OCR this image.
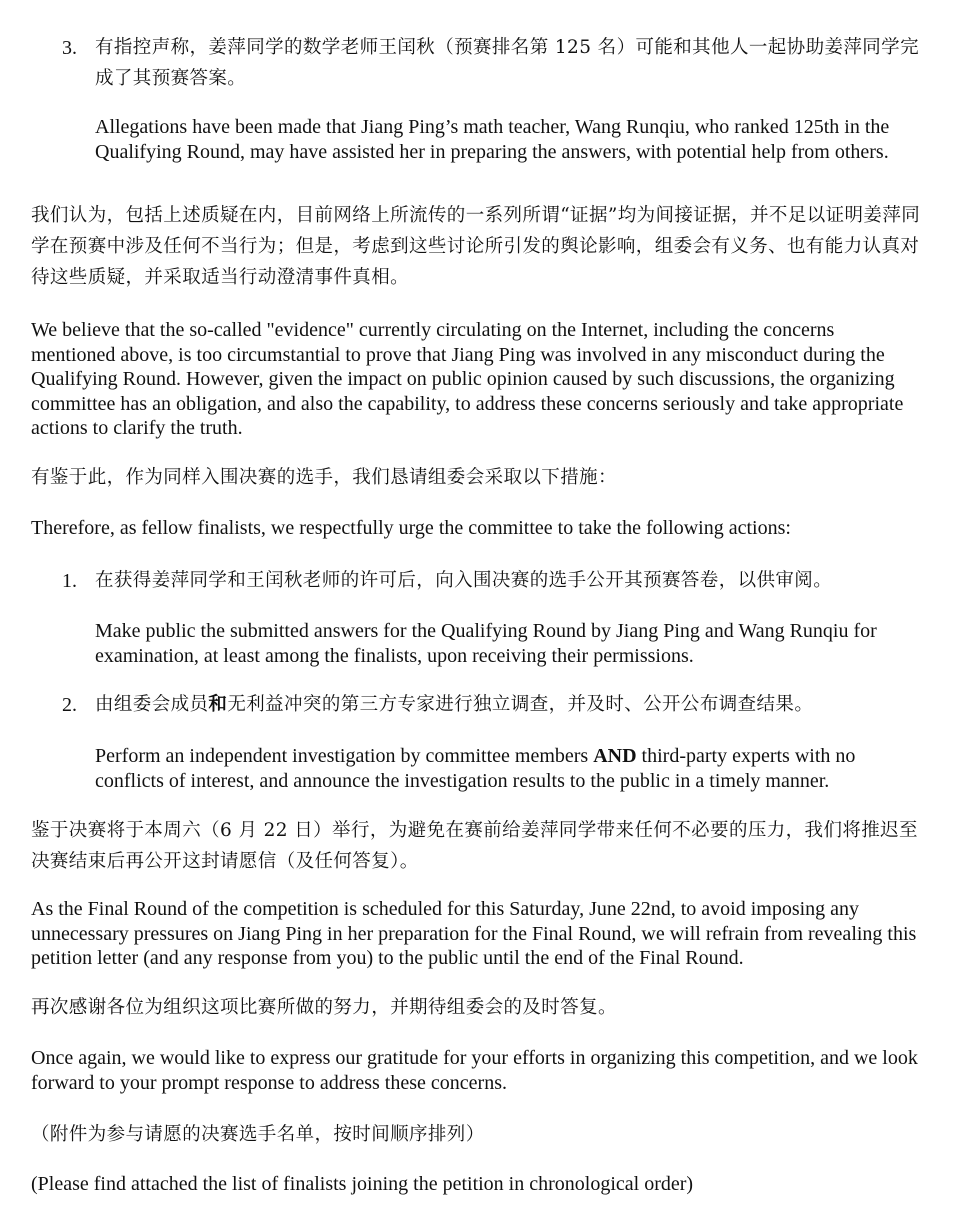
3. 有指控声称，姜萍同学的数学老师王闰秋（预赛排名第 125 名）可能和其他人一起协助姜萍同学完成了其预赛答案。

Allegations have been made that Jiang Ping’s math teacher, Wang Runqiu, who ranked 125th in the Qualifying Round, may have assisted her in preparing the answers, with potential help from others.

我们认为，包括上述质疑在内，目前网络上所流传的一系列所谓“证据”均为间接证据，并不足以证明姜萍同学在预赛中涉及任何不当行为；但是，考虑到这些讨论所引发的舆论影响，组委会有义务、也有能力认真对待这些质疑，并采取适当行动澄清事件真相。

We believe that the so-called "evidence" currently circulating on the Internet, including the concerns mentioned above, is too circumstantial to prove that Jiang Ping was involved in any misconduct during the Qualifying Round. However, given the impact on public opinion caused by such discussions, the organizing committee has an obligation, and also the capability, to address these concerns seriously and take appropriate actions to clarify the truth.

有鉴于此，作为同样入围决赛的选手，我们恳请组委会采取以下措施：

Therefore, as fellow finalists, we respectfully urge the committee to take the following actions:

1. 在获得姜萍同学和王闰秋老师的许可后，向入围决赛的选手公开其预赛答卷，以供审阅。

Make public the submitted answers for the Qualifying Round by Jiang Ping and Wang Runqiu for examination, at least among the finalists, upon receiving their permissions.

2. 由组委会成员和无利益冲突的第三方专家进行独立调查，并及时、公开公布调查结果。

Perform an independent investigation by committee members AND third-party experts with no conflicts of interest, and announce the investigation results to the public in a timely manner.

鉴于决赛将于本周六（6 月 22 日）举行，为避免在赛前给姜萍同学带来任何不必要的压力，我们将推迟至决赛结束后再公开这封请愿信（及任何答复）。

As the Final Round of the competition is scheduled for this Saturday, June 22nd, to avoid imposing any unnecessary pressures on Jiang Ping in her preparation for the Final Round, we will refrain from revealing this petition letter (and any response from you) to the public until the end of the Final Round.

再次感谢各位为组织这项比赛所做的努力，并期待组委会的及时答复。

Once again, we would like to express our gratitude for your efforts in organizing this competition, and we look forward to your prompt response to address these concerns.

（附件为参与请愿的决赛选手名单，按时间顺序排列）

(Please find attached the list of finalists joining the petition in chronological order)
